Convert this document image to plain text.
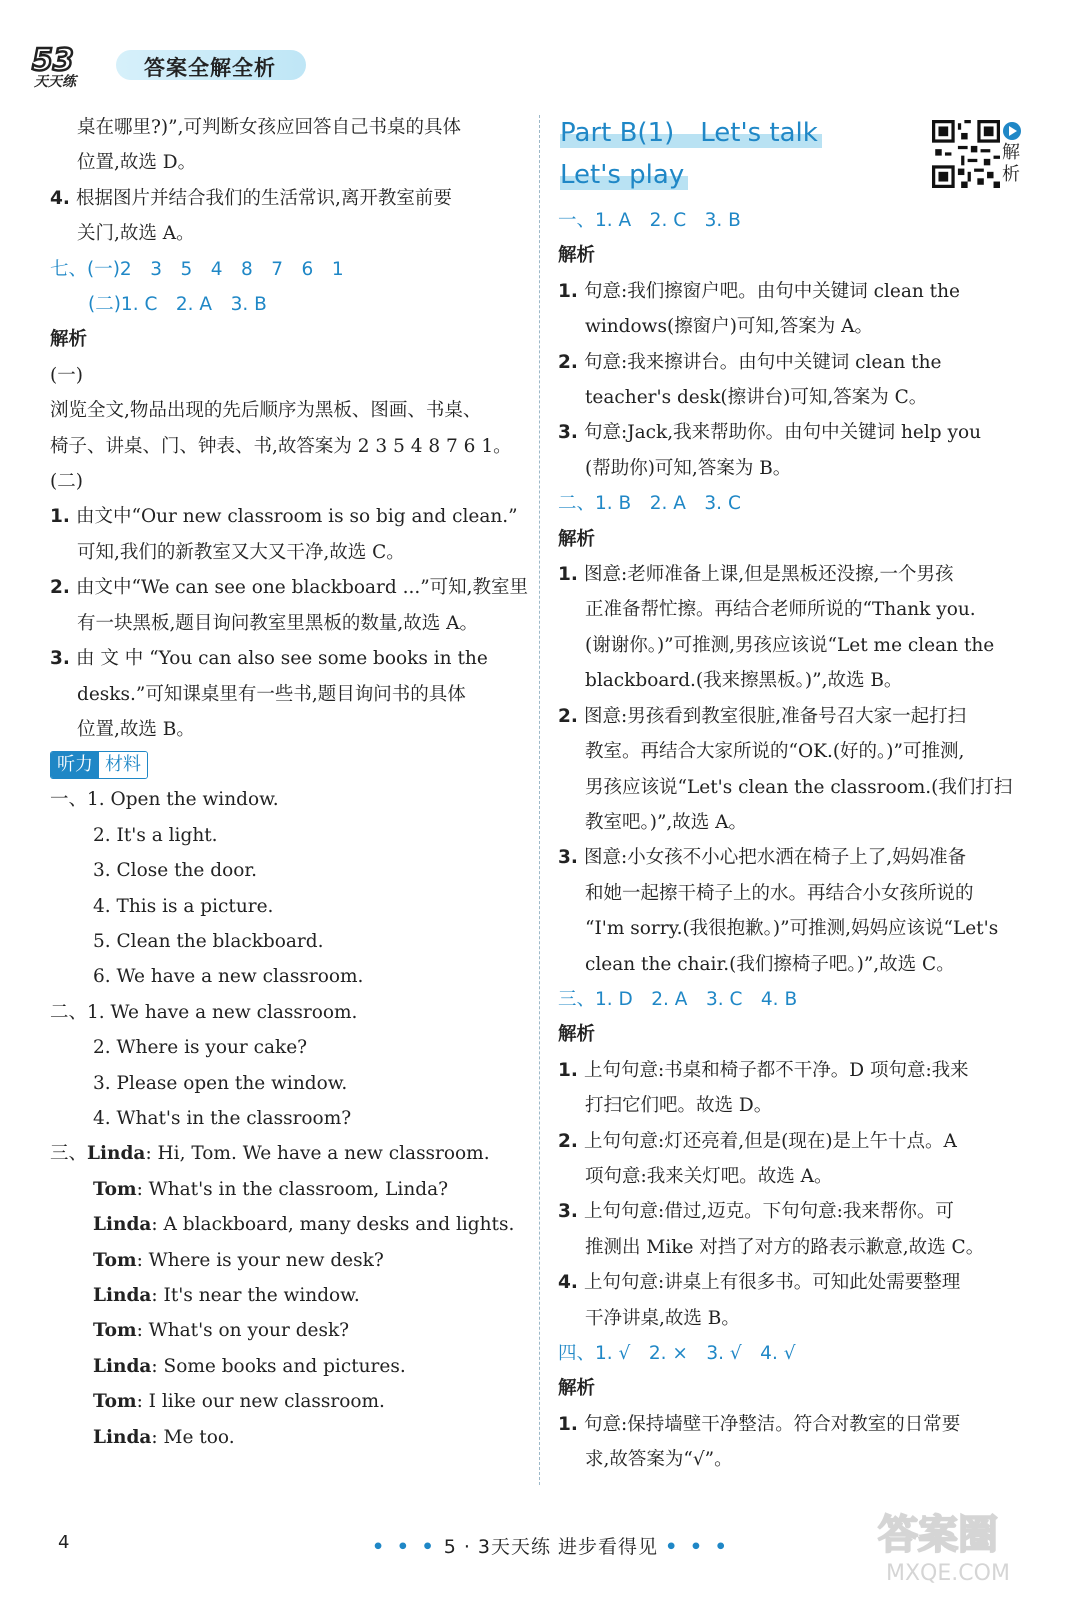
53
天天练
答案全解全析
桌在哪里?)”,可判断女孩应回答自己书桌的具体
位置,故选 D。
4. 根据图片并结合我们的生活常识,离开教室前要
关门,故选 A。
七、(一)2　3　5　4　8　7　6　1
(二)1. C　2. A　3. B
解析
(一)
浏览全文,物品出现的先后顺序为黑板、图画、书桌、
椅子、讲桌、门、钟表、书,故答案为 2 3 5 4 8 7 6 1。
(二)
1. 由文中“Our new classroom is so big and clean.”
可知,我们的新教室又大又干净,故选 C。
2. 由文中“We can see one blackboard ...”可知,教室里
有一块黑板,题目询问教室里黑板的数量,故选 A。
3. 由 文 中 “You can also see some books in the
desks.”可知课桌里有一些书,题目询问书的具体
位置,故选 B。
听力 材料
一、1. Open the window.
2. It's a light.
3. Close the door.
4. This is a picture.
5. Clean the blackboard.
6. We have a new classroom.
二、1. We have a new classroom.
2. Where is your cake?
3. Please open the window.
4. What's in the classroom?
三、Linda: Hi, Tom. We have a new classroom.
Tom: What's in the classroom, Linda?
Linda: A blackboard, many desks and lights.
Tom: Where is your new desk?
Linda: It's near the window.
Tom: What's on your desk?
Linda: Some books and pictures.
Tom: I like our new classroom.
Linda: Me too.
Part B(1)　Let's talk
Let's play
解析
一、1. A　2. C　3. B
解析
1. 句意:我们擦窗户吧。由句中关键词 clean the
windows(擦窗户)可知,答案为 A。
2. 句意:我来擦讲台。由句中关键词 clean the
teacher's desk(擦讲台)可知,答案为 C。
3. 句意:Jack,我来帮助你。由句中关键词 help you
(帮助你)可知,答案为 B。
二、1. B　2. A　3. C
解析
1. 图意:老师准备上课,但是黑板还没擦,一个男孩
正准备帮忙擦。再结合老师所说的“Thank you.
(谢谢你。)”可推测,男孩应该说“Let me clean the
blackboard.(我来擦黑板。)”,故选 B。
2. 图意:男孩看到教室很脏,准备号召大家一起打扫
教室。再结合大家所说的“OK.(好的。)”可推测,
男孩应该说“Let's clean the classroom.(我们打扫
教室吧。)”,故选 A。
3. 图意:小女孩不小心把水洒在椅子上了,妈妈准备
和她一起擦干椅子上的水。再结合小女孩所说的
“I'm sorry.(我很抱歉。)”可推测,妈妈应该说“Let's
clean the chair.(我们擦椅子吧。)”,故选 C。
三、1. D　2. A　3. C　4. B
解析
1. 上句句意:书桌和椅子都不干净。D 项句意:我来
打扫它们吧。故选 D。
2. 上句句意:灯还亮着,但是(现在)是上午十点。A
项句意:我来关灯吧。故选 A。
3. 上句句意:借过,迈克。下句句意:我来帮你。可
推测出 Mike 对挡了对方的路表示歉意,故选 C。
4. 上句句意:讲桌上有很多书。可知此处需要整理
干净讲桌,故选 B。
四、1. √　2. ×　3. √　4. √
解析
1. 句意:保持墙壁干净整洁。符合对教室的日常要
求,故答案为“√”。
4	• • • 5 · 3天天练 进步看得见 • • •	答案圈
MXQE.COM
